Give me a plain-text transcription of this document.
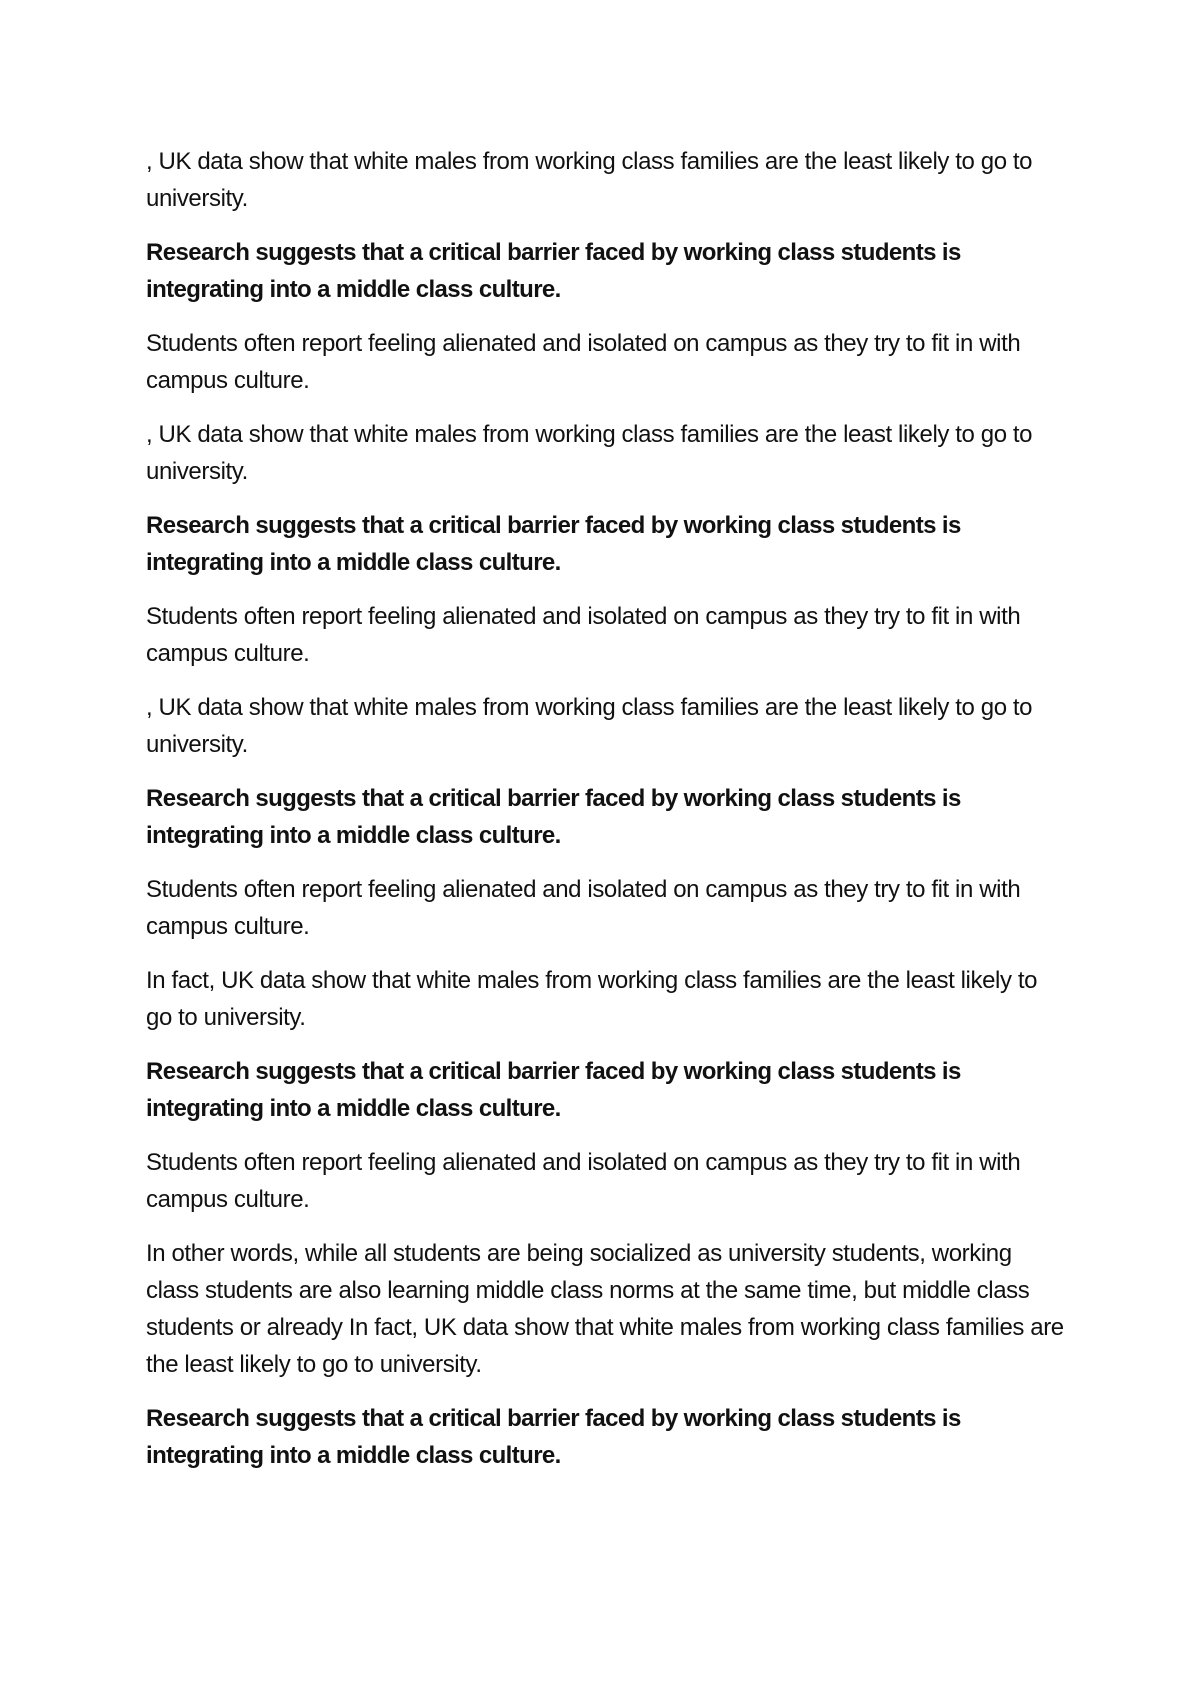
, UK data show that white males from working class families are the least likely to go to university.

Research suggests that a critical barrier faced by working class students is integrating into a middle class culture.

Students often report feeling alienated and isolated on campus as they try to fit in with campus culture.

, UK data show that white males from working class families are the least likely to go to university.

Research suggests that a critical barrier faced by working class students is integrating into a middle class culture.

Students often report feeling alienated and isolated on campus as they try to fit in with campus culture.

, UK data show that white males from working class families are the least likely to go to university.

Research suggests that a critical barrier faced by working class students is integrating into a middle class culture.

Students often report feeling alienated and isolated on campus as they try to fit in with campus culture.

In fact, UK data show that white males from working class families are the least likely to go to university.

Research suggests that a critical barrier faced by working class students is integrating into a middle class culture.

Students often report feeling alienated and isolated on campus as they try to fit in with campus culture.

In other words, while all students are being socialized as university students, working class students are also learning middle class norms at the same time, but middle class students or already In fact, UK data show that white males from working class families are the least likely to go to university.

Research suggests that a critical barrier faced by working class students is integrating into a middle class culture.
